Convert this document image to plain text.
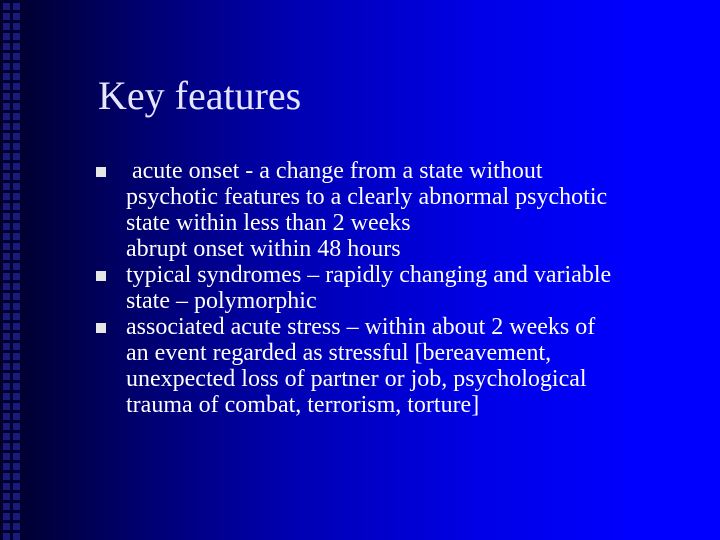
Key features
acute onset - a change from a state without
psychotic features to a clearly abnormal psychotic
state within less than 2 weeks
abrupt onset within 48 hours
typical syndromes – rapidly changing and variable
state – polymorphic
associated acute stress – within about 2 weeks of
an event regarded as stressful [bereavement,
unexpected loss of partner or job, psychological
trauma of combat, terrorism, torture]
